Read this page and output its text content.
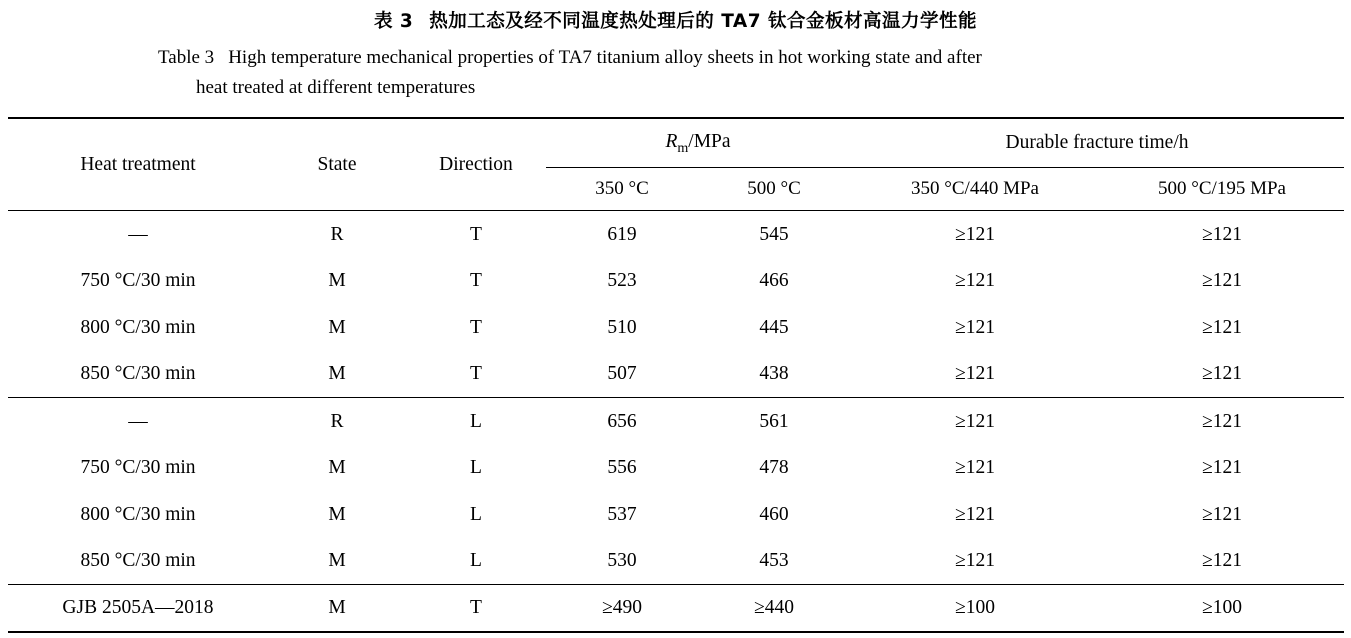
表 3 热加工态及经不同温度热处理后的 TA7 钛合金板材高温力学性能
Table 3 High temperature mechanical properties of TA7 titanium alloy sheets in hot working state and after
heat treated at different temperatures

Heat treatment	State	Direction	$R_m$/MPa		Durable fracture time/h	
			350 °C	500 °C	350 °C/440 MPa	500 °C/195 MPa

—	R	T	619	545	≥121	≥121
750 °C/30 min	M	T	523	466	≥121	≥121
800 °C/30 min	M	T	510	445	≥121	≥121
850 °C/30 min	M	T	507	438	≥121	≥121

—	R	L	656	561	≥121	≥121
750 °C/30 min	M	L	556	478	≥121	≥121
800 °C/30 min	M	L	537	460	≥121	≥121
850 °C/30 min	M	L	530	453	≥121	≥121

GJB 2505A—2018	M	T	≥490	≥440	≥100	≥100
